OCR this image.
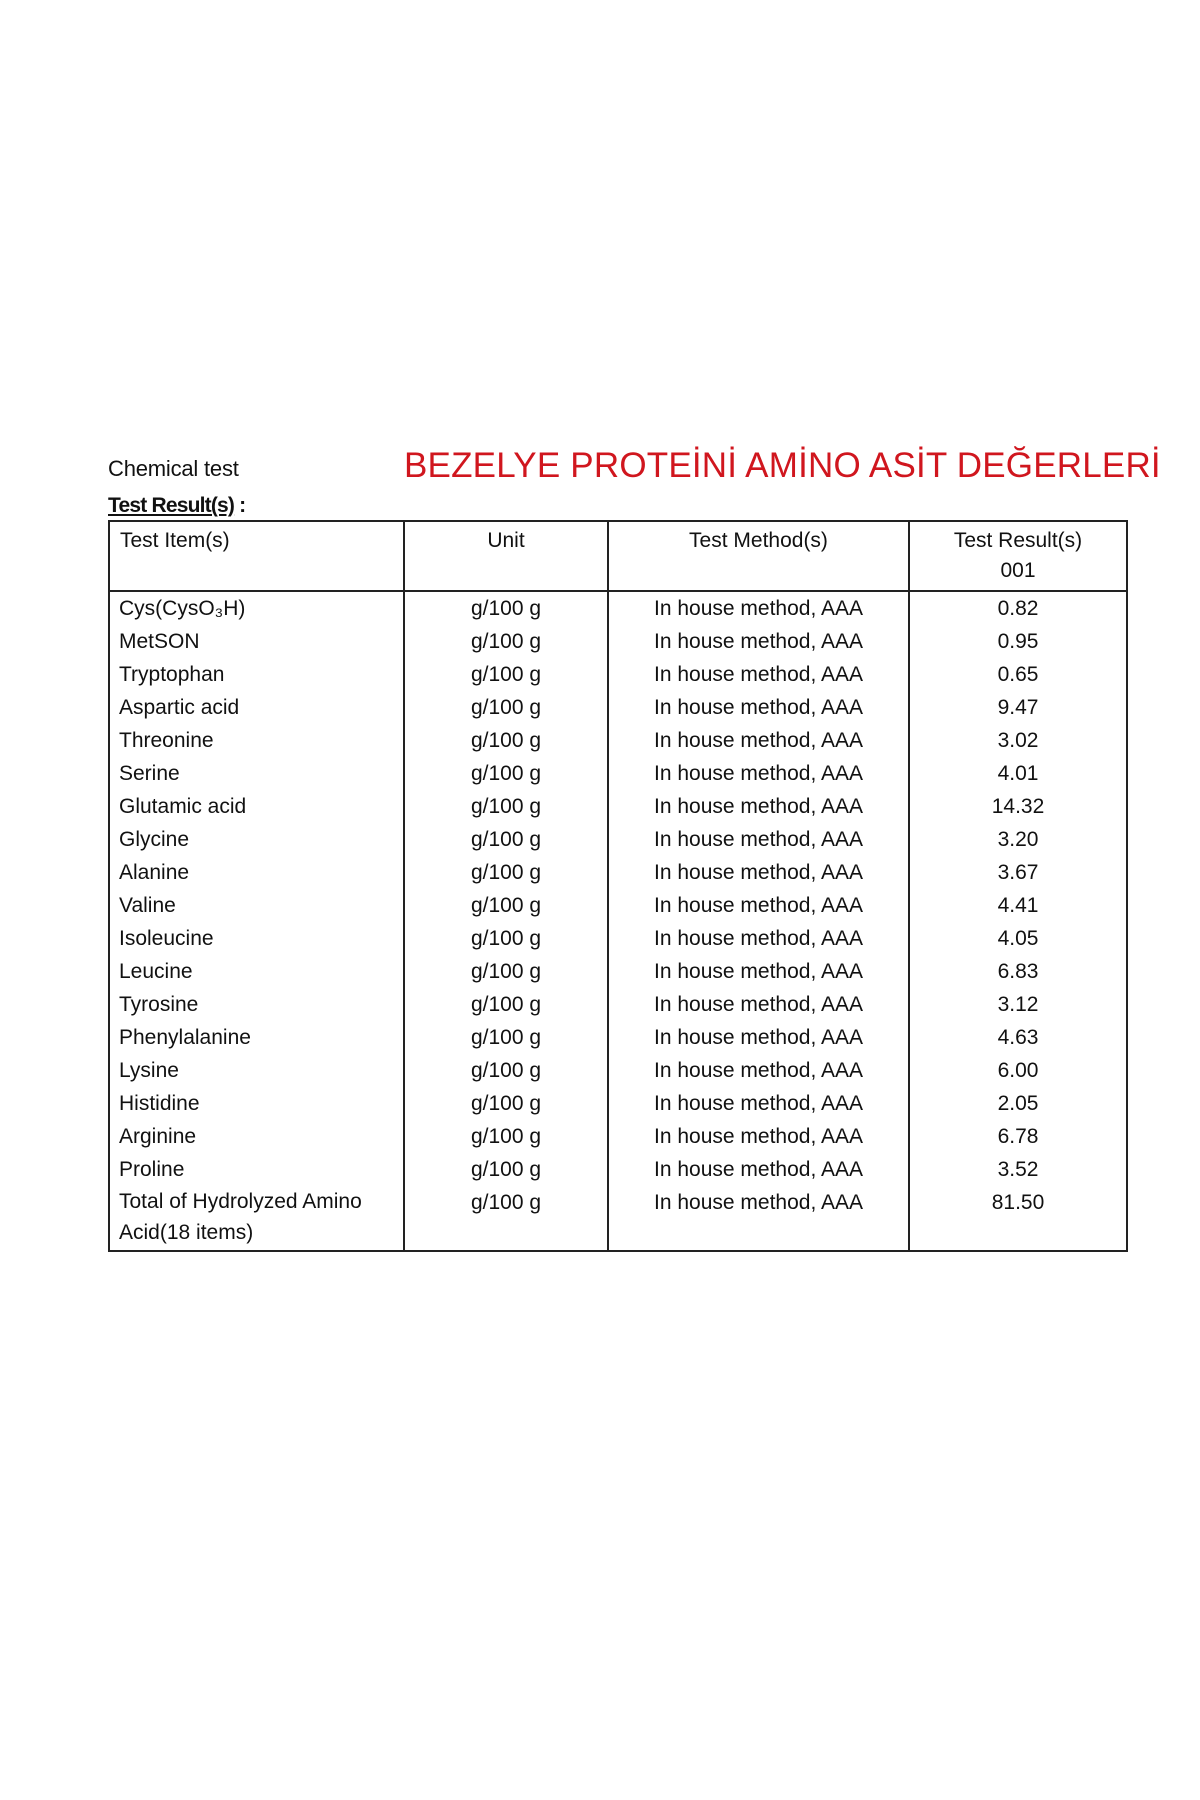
Chemical test	BEZELYE PROTEİNİ AMİNO ASİT DEĞERLERİ
Test Result(s) :
Test Item(s)	Unit	Test Method(s)	Test Result(s)
001

Cys(CysO₃H)	g/100 g	In house method, AAA	0.82
MetSON	g/100 g	In house method, AAA	0.95
Tryptophan	g/100 g	In house method, AAA	0.65
Aspartic acid	g/100 g	In house method, AAA	9.47
Threonine	g/100 g	In house method, AAA	3.02
Serine	g/100 g	In house method, AAA	4.01
Glutamic acid	g/100 g	In house method, AAA	14.32
Glycine	g/100 g	In house method, AAA	3.20
Alanine	g/100 g	In house method, AAA	3.67
Valine	g/100 g	In house method, AAA	4.41
Isoleucine	g/100 g	In house method, AAA	4.05
Leucine	g/100 g	In house method, AAA	6.83
Tyrosine	g/100 g	In house method, AAA	3.12
Phenylalanine	g/100 g	In house method, AAA	4.63
Lysine	g/100 g	In house method, AAA	6.00
Histidine	g/100 g	In house method, AAA	2.05
Arginine	g/100 g	In house method, AAA	6.78
Proline	g/100 g	In house method, AAA	3.52
Total of Hydrolyzed Amino Acid(18 items)	g/100 g	In house method, AAA	81.50
